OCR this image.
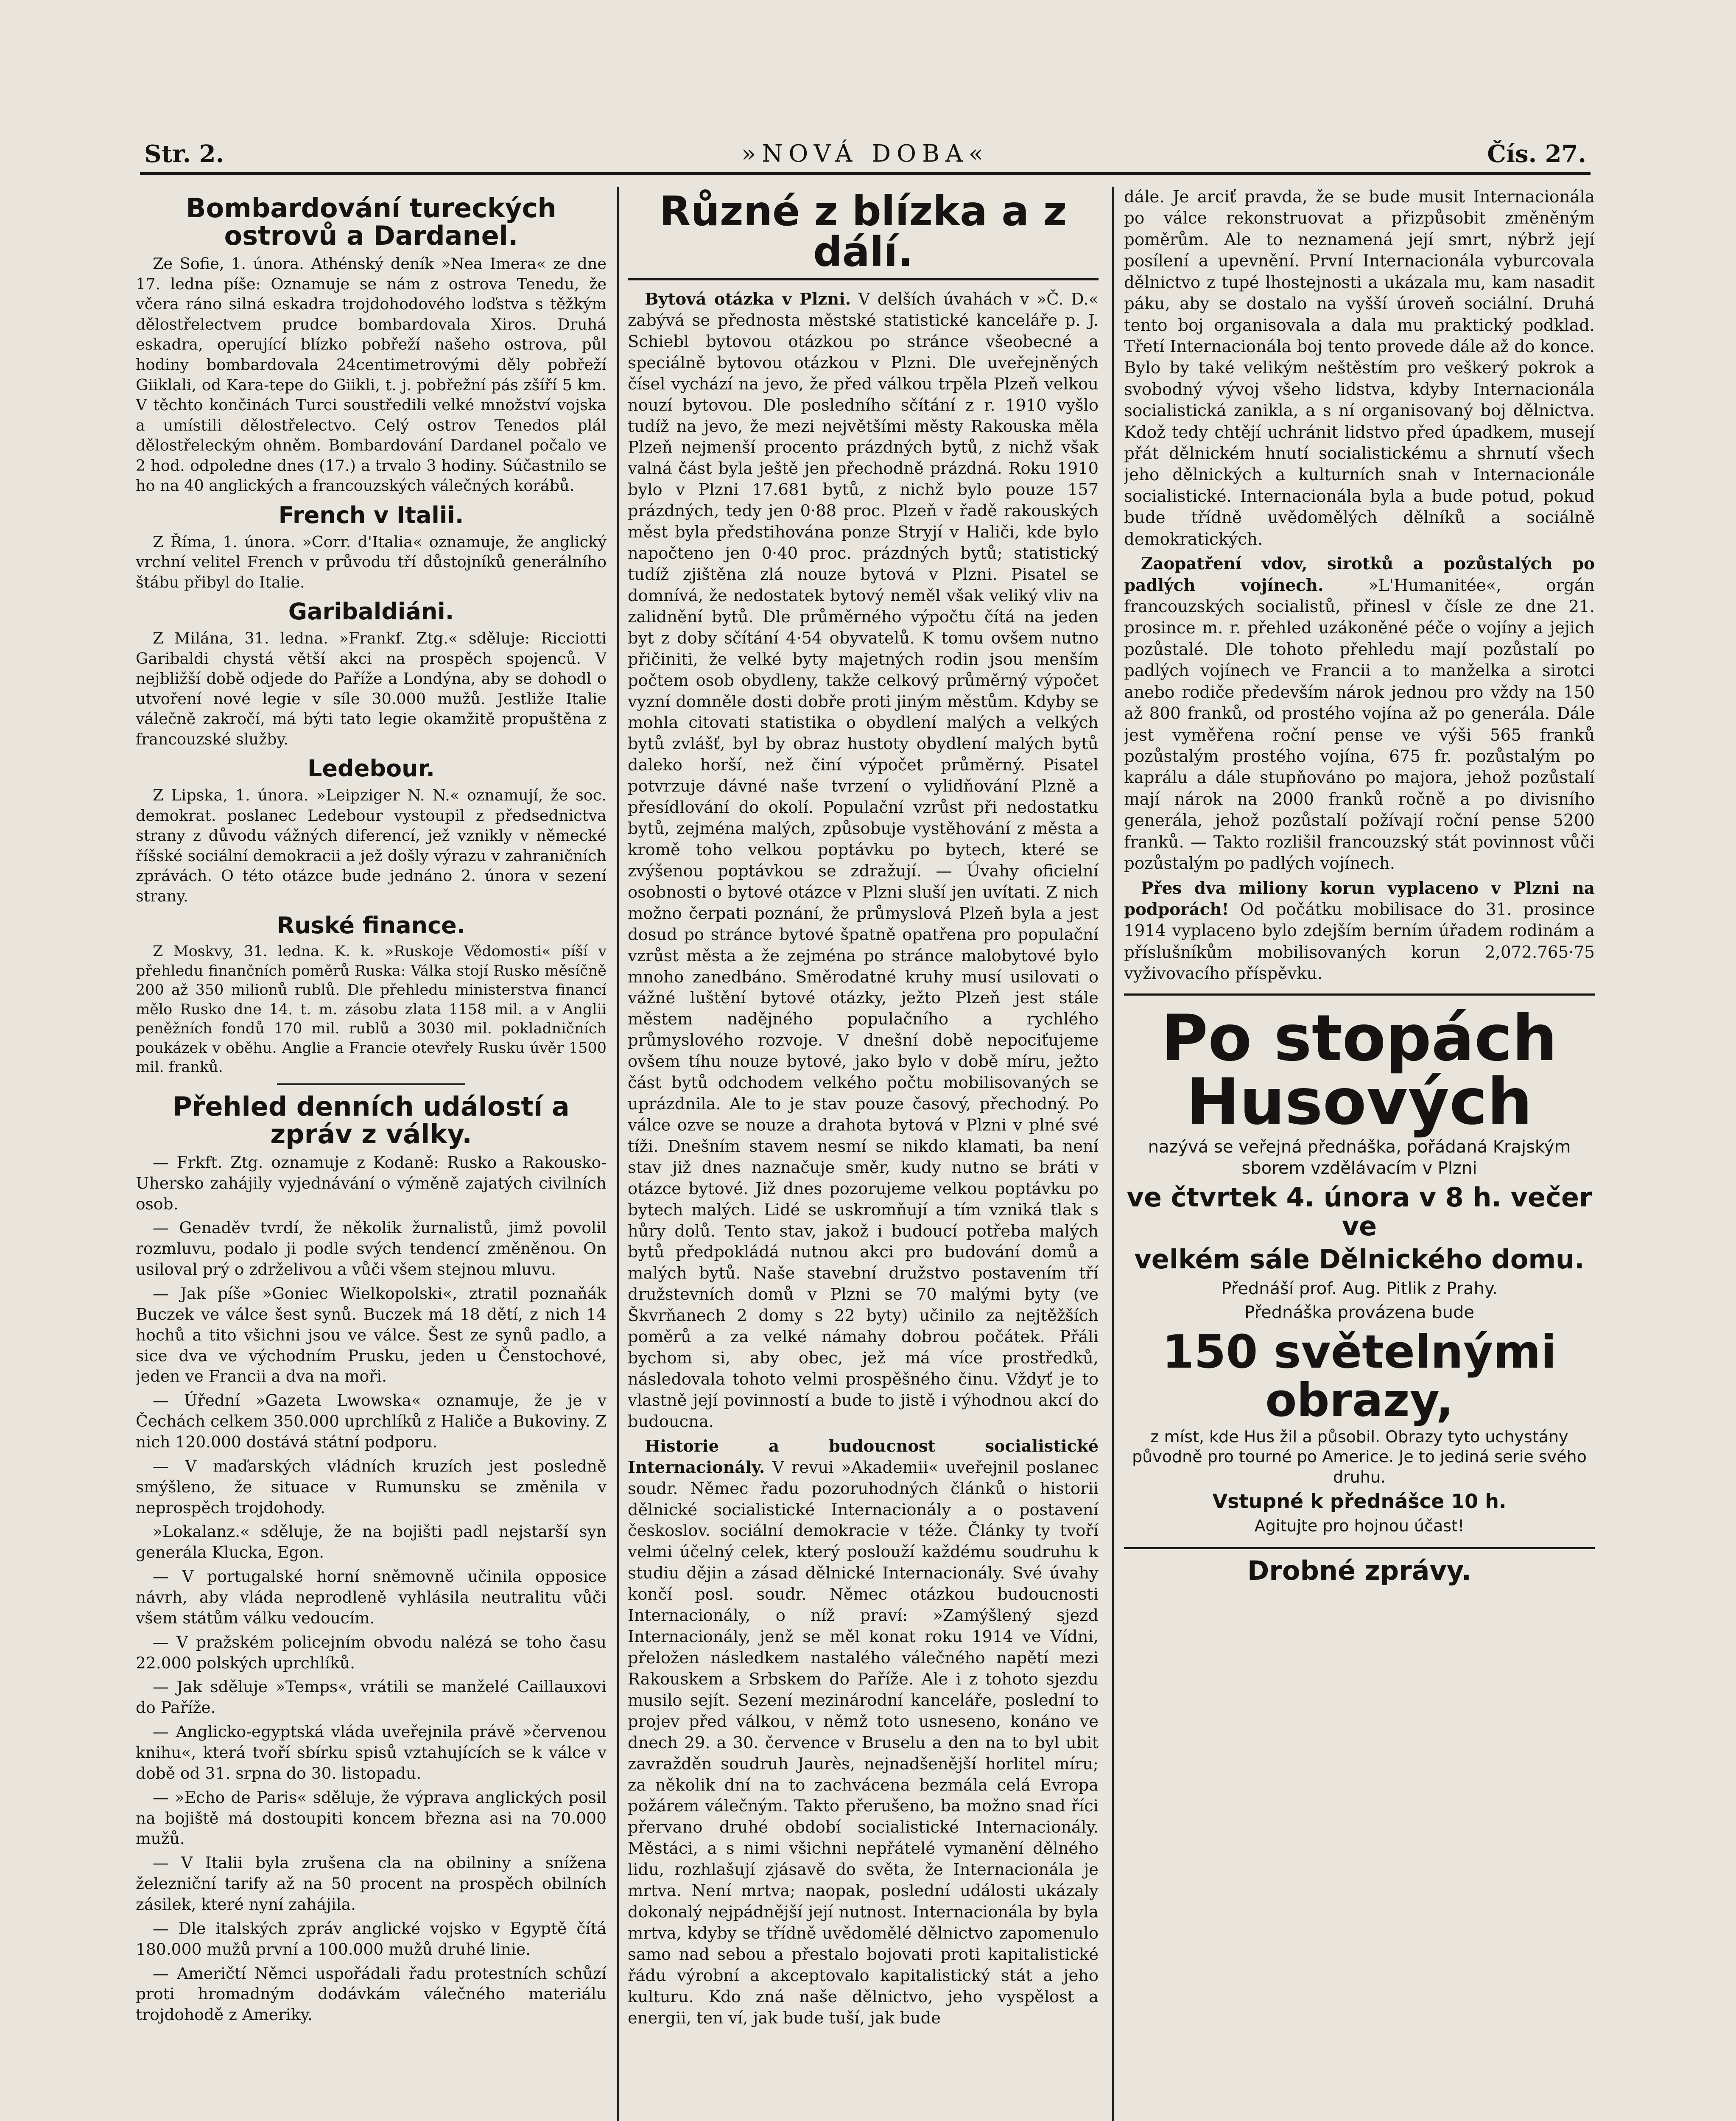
Str. 2.	»NOVÁ DOBA«	Čís. 27.
Bombardování tureckých ostrovů a Dardanel.

Ze Sofie, 1. února. Athénský deník »Nea Imera« ze dne 17. ledna píše: Oznamuje se nám z ostrova Tenedu, že včera ráno silná eskadra trojdohodového loďstva s těžkým dělostřelectvem prudce bombardovala Xiros. Druhá eskadra, operující blízko pobřeží našeho ostrova, půl hodiny bombardovala 24centimetrovými děly pobřeží Giiklali, od Kara-tepe do Giikli, t. j. pobřežní pás zšíří 5 km. V těchto končinách Turci soustředili velké množství vojska a umístili dělostřelectvo. Celý ostrov Tenedos plál dělostřeleckým ohněm. Bombardování Dardanel počalo ve 2 hod. odpoledne dnes (17.) a trvalo 3 hodiny. Súčastnilo se ho na 40 anglických a francouzských válečných korábů.

French v Italii.

Z Říma, 1. února. »Corr. d'Italia« oznamuje, že anglický vrchní velitel French v průvodu tří důstojníků generálního štábu přibyl do Italie.

Garibaldiáni.

Z Milána, 31. ledna. »Frankf. Ztg.« sděluje: Ricciotti Garibaldi chystá větší akci na prospěch spojenců. V nejbližší době odjede do Paříže a Londýna, aby se dohodl o utvoření nové legie v síle 30.000 mužů. Jestliže Italie válečně zakročí, má býti tato legie okamžitě propuštěna z francouzské služby.

Ledebour.

Z Lipska, 1. února. »Leipziger N. N.« oznamují, že soc. demokrat. poslanec Ledebour vystoupil z předsednictva strany z důvodu vážných diferencí, jež vznikly v německé říšské sociální demokracii a jež došly výrazu v zahraničních zprávách. O této otázce bude jednáno 2. února v sezení strany.

Ruské finance.

Z Moskvy, 31. ledna. K. k. »Ruskoje Vědomosti« píší v přehledu finančních poměrů Ruska: Válka stojí Rusko měsíčně 200 až 350 milionů rublů. Dle přehledu ministerstva financí mělo Rusko dne 14. t. m. zásobu zlata 1158 mil. a v Anglii peněžních fondů 170 mil. rublů a 3030 mil. pokladničních poukázek v oběhu. Anglie a Francie otevřely Rusku úvěr 1500 mil. franků.

Přehled denních událostí a zpráv z války.

— Frkft. Ztg. oznamuje z Kodaně: Rusko a Rakousko-Uhersko zahájily vyjednávání o výměně zajatých civilních osob.

— Genaděv tvrdí, že několik žurnalistů, jimž povolil rozmluvu, podalo ji podle svých tendencí změněnou. On usiloval prý o zdrželivou a vůči všem stejnou mluvu.

— Jak píše »Goniec Wielkopolski«, ztratil poznaňák Buczek ve válce šest synů. Buczek má 18 dětí, z nich 14 hochů a tito všichni jsou ve válce. Šest ze synů padlo, a sice dva ve východním Prusku, jeden u Čenstochové, jeden ve Francii a dva na moři.

— Úřední »Gazeta Lwowska« oznamuje, že je v Čechách celkem 350.000 uprchlíků z Haliče a Bukoviny. Z nich 120.000 dostává státní podporu.

— V maďarských vládních kruzích jest posledně smýšleno, že situace v Rumunsku se změnila v neprospěch trojdohody.

»Lokalanz.« sděluje, že na bojišti padl nejstarší syn generála Klucka, Egon.

— V portugalské horní sněmovně učinila opposice návrh, aby vláda neprodleně vyhlásila neutralitu vůči všem státům válku vedoucím.

— V pražském policejním obvodu nalézá se toho času 22.000 polských uprchlíků.

— Jak sděluje »Temps«, vrátili se manželé Caillauxovi do Paříže.

— Anglicko-egyptská vláda uveřejnila právě »červenou knihu«, která tvoří sbírku spisů vztahujících se k válce v době od 31. srpna do 30. listopadu.

— »Echo de Paris« sděluje, že výprava anglických posil na bojiště má dostoupiti koncem března asi na 70.000 mužů.

— V Italii byla zrušena cla na obilniny a snížena železniční tarify až na 50 procent na prospěch obilních zásilek, které nyní zahájila.

— Dle italských zpráv anglické vojsko v Egyptě čítá 180.000 mužů první a 100.000 mužů druhé linie.

— Američtí Němci uspořádali řadu protestních schůzí proti hromadným dodávkám válečného materiálu trojdohodě z Ameriky.

Různé z blízka a z dálí.

Bytová otázka v Plzni. V delších úvahách v »Č. D.« zabývá se přednosta městské statistické kanceláře p. J. Schiebl bytovou otázkou po stránce všeobecné a speciálně bytovou otázkou v Plzni. Dle uveřejněných čísel vychází na jevo, že před válkou trpěla Plzeň velkou nouzí bytovou. Dle posledního sčítání z r. 1910 vyšlo tudíž na jevo, že mezi největšími městy Rakouska měla Plzeň nejmenší procento prázdných bytů, z nichž však valná část byla ještě jen přechodně prázdná. Roku 1910 bylo v Plzni 17.681 bytů, z nichž bylo pouze 157 prázdných, tedy jen 0·88 proc. Plzeň v řadě rakouských měst byla předstihována ponze Stryjí v Haliči, kde bylo napočteno jen 0·40 proc. prázdných bytů; statistický tudíž zjištěna zlá nouze bytová v Plzni. Pisatel se domnívá, že nedostatek bytový neměl však veliký vliv na zalidnění bytů. Dle průměrného výpočtu čítá na jeden byt z doby sčítání 4·54 obyvatelů. K tomu ovšem nutno přičiniti, že velké byty majetných rodin jsou menším počtem osob obydleny, takže celkový průměrný výpočet vyzní domněle dosti dobře proti jiným městům. Kdyby se mohla citovati statistika o obydlení malých a velkých bytů zvlášť, byl by obraz hustoty obydlení malých bytů daleko horší, než činí výpočet průměrný. Pisatel potvrzuje dávné naše tvrzení o vylidňování Plzně a přesídlování do okolí. Populační vzrůst při nedostatku bytů, zejména malých, způsobuje vystěhování z města a kromě toho velkou poptávku po bytech, které se zvýšenou poptávkou se zdražují. — Úvahy oficielní osobnosti o bytové otázce v Plzni sluší jen uvítati. Z nich možno čerpati poznání, že průmyslová Plzeň byla a jest dosud po stránce bytové špatně opatřena pro populační vzrůst města a že zejména po stránce malobytové bylo mnoho zanedbáno. Směrodatné kruhy musí usilovati o vážné luštění bytové otázky, ježto Plzeň jest stále městem nadějného populačního a rychlého průmyslového rozvoje. V dnešní době nepociťujeme ovšem tíhu nouze bytové, jako bylo v době míru, ježto část bytů odchodem velkého počtu mobilisovaných se uprázdnila. Ale to je stav pouze časový, přechodný. Po válce ozve se nouze a drahota bytová v Plzni v plné své tíži. Dnešním stavem nesmí se nikdo klamati, ba není stav již dnes naznačuje směr, kudy nutno se bráti v otázce bytové. Již dnes pozorujeme velkou poptávku po bytech malých. Lidé se uskromňují a tím vzniká tlak s hůry dolů. Tento stav, jakož i budoucí potřeba malých bytů předpokládá nutnou akci pro budování domů a malých bytů. Naše stavební družstvo postavením tří družstevních domů v Plzni se 70 malými byty (ve Škvrňanech 2 domy s 22 byty) učinilo za nejtěžších poměrů a za velké námahy dobrou počátek. Přáli bychom si, aby obec, jež má více prostředků, následovala tohoto velmi prospěšného činu. Vždyť je to vlastně její povinností a bude to jistě i výhodnou akcí do budoucna.

Historie a budoucnost socialistické Internacionály. V revui »Akademii« uveřejnil poslanec soudr. Němec řadu pozoruhodných článků o historii dělnické socialistické Internacionály a o postavení českoslov. sociální demokracie v téže. Články ty tvoří velmi účelný celek, který poslouží každému soudruhu k studiu dějin a zásad dělnické Internacionály. Své úvahy končí posl. soudr. Němec otázkou budoucnosti Internacionály, o níž praví: »Zamýšlený sjezd Internacionály, jenž se měl konat roku 1914 ve Vídni, přeložen následkem nastalého válečného napětí mezi Rakouskem a Srbskem do Paříže. Ale i z tohoto sjezdu musilo sejít. Sezení mezinárodní kanceláře, poslední to projev před válkou, v němž toto usneseno, konáno ve dnech 29. a 30. července v Bruselu a den na to byl ubit zavražděn soudruh Jaurès, nejnadšenější horlitel míru; za několik dní na to zachvácena bezmála celá Evropa požárem válečným. Takto přerušeno, ba možno snad říci přervano druhé období socialistické Internacionály. Městáci, a s nimi všichni nepřátelé vymanění dělného lidu, rozhlašují zjásavě do světa, že Internacionála je mrtva. Není mrtva; naopak, poslední události ukázaly dokonalý nejpádnější její nutnost. Internacionála by byla mrtva, kdyby se třídně uvědomělé dělnictvo zapomenulo samo nad sebou a přestalo bojovati proti kapitalistické řádu výrobní a akceptovalo kapitalistický stát a jeho kulturu. Kdo zná naše dělnictvo, jeho vyspělost a energii, ten ví, jak bude tuší, jak bude

dále. Je arciť pravda, že se bude musit Internacionála po válce rekonstruovat a přizpůsobit změněným poměrům. Ale to neznamená její smrt, nýbrž její posílení a upevnění. První Internacionála vyburcovala dělnictvo z tupé lhostejnosti a ukázala mu, kam nasadit páku, aby se dostalo na vyšší úroveň sociální. Druhá tento boj organisovala a dala mu praktický podklad. Třetí Internacionála boj tento provede dále až do konce. Bylo by také velikým neštěstím pro veškerý pokrok a svobodný vývoj všeho lidstva, kdyby Internacionála socialistická zanikla, a s ní organisovaný boj dělnictva. Kdož tedy chtějí uchránit lidstvo před úpadkem, musejí přát dělnickém hnutí socialistickému a shrnutí všech jeho dělnických a kulturních snah v Internacionále socialistické. Internacionála byla a bude potud, pokud bude třídně uvědomělých dělníků a sociálně demokratických.

Zaopatření vdov, sirotků a pozůstalých po padlých vojínech.	»L'Humanitée«, orgán francouzských socialistů, přinesl v čísle ze dne 21. prosince m. r. přehled uzákoněné péče o vojíny a jejich pozůstalé. Dle tohoto přehledu mají pozůstalí po padlých vojínech ve Francii a to manželka a sirotci anebo rodiče především nárok jednou pro vždy na 150 až 800 franků, od prostého vojína až po generála. Dále jest vyměřena roční pense ve výši 565 franků pozůstalým prostého vojína, 675 fr. pozůstalým po kaprálu a dále stupňováno po majora, jehož pozůstalí mají nárok na 2000 franků ročně a po divisního generála, jehož pozůstalí požívají roční pense 5200 franků. — Takto rozlišil francouzský stát povinnost vůči pozůstalým po padlých vojínech.

Přes dva miliony korun vyplaceno v Plzni na podporách! Od počátku mobilisace do 31. prosince 1914 vyplaceno bylo zdejším berním úřadem rodinám a příslušníkům mobilisovaných korun 2,072.765·75 vyživovacího příspěvku.

Po stopách
Husových
nazývá se veřejná přednáška, pořádaná Krajským sborem vzdělávacím v Plzni
ve čtvrtek 4. února v 8 h. večer ve
velkém sále Dělnického domu.
Přednáší prof. Aug. Pitlik z Prahy.
Přednáška provázena bude
150 světelnými obrazy,
z míst, kde Hus žil a působil. Obrazy tyto uchystány původně pro tourné po Americe. Je to jediná serie svého druhu.
Vstupné k přednášce 10 h.
Agitujte pro hojnou účast!
Drobné zprávy.
